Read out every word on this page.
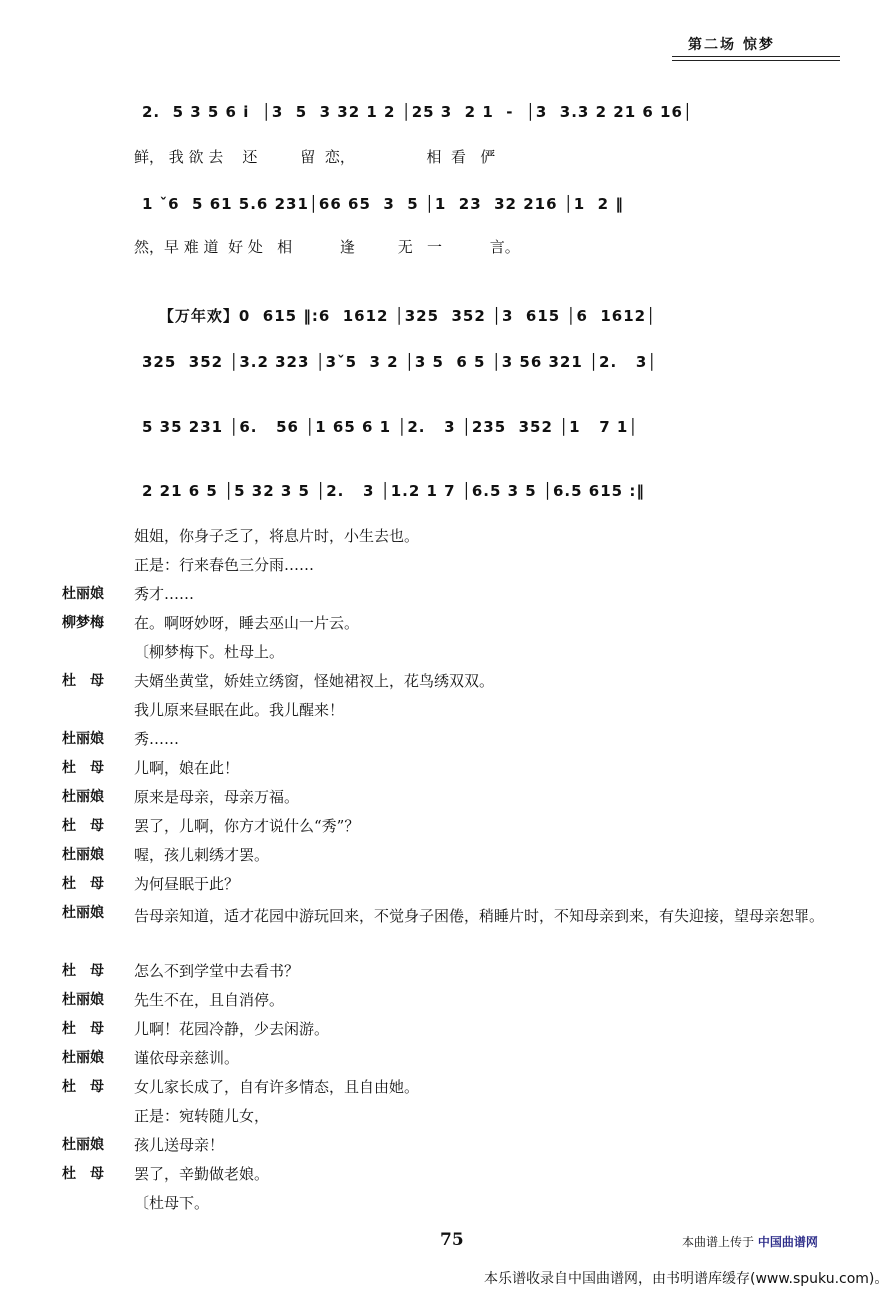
第二场 惊梦
2.  5 3 5 6 i  │3  5  3 32 1 2 │25 3  2 1  -  │3  3.3 2 21 6 16│
鲜， 我 欲 去    还         留  恋，               相  看   俨
1 ˇ6  5 61 5.6 231│66 65  3  5 │1  23  32 216 │1  2 ‖
然，早 难 道  好 处   相          逢         无   一          言。

【万年欢】0  615 ‖:6  1612 │325  352 │3  615 │6  1612│

325  352 │3.2 323 │3ˇ5  3 2 │3 5  6 5 │3 56 321 │2.   3│
5 35 231 │6.   56 │1 65 6 1 │2.   3 │235  352 │1   7 1│
2 21 6 5 │5 32 3 5 │2.   3 │1.2 1 7 │6.5 3 5 │6.5 615 :‖
姐姐，你身子乏了，将息片时，小生去也。
正是：行来春色三分雨……
杜丽娘	秀才……
柳梦梅	在。啊呀妙呀，睡去巫山一片云。
〔柳梦梅下。杜母上。
杜　母	夫婿坐黄堂，娇娃立绣窗，怪她裙衩上，花鸟绣双双。
我儿原来昼眠在此。我儿醒来！
杜丽娘	秀……
杜　母	儿啊，娘在此！
杜丽娘	原来是母亲，母亲万福。
杜　母	罢了，儿啊，你方才说什么“秀”？
杜丽娘	喔，孩儿刺绣才罢。
杜　母	为何昼眠于此？
杜丽娘	告母亲知道，适才花园中游玩回来，不觉身子困倦，稍睡片时，不知母亲到来，有失迎接，望母亲恕罪。
杜　母	怎么不到学堂中去看书？
杜丽娘	先生不在，且自消停。
杜　母	儿啊！花园冷静，少去闲游。
杜丽娘	谨依母亲慈训。
杜　母	女儿家长成了，自有许多情态，且自由她。
正是：宛转随儿女，
杜丽娘	孩儿送母亲！
杜　母	罢了，辛勤做老娘。
〔杜母下。
75	本曲谱上传于 中国曲谱网
本乐谱收录自中国曲谱网，由书明谱库缓存(www.spuku.com)。
